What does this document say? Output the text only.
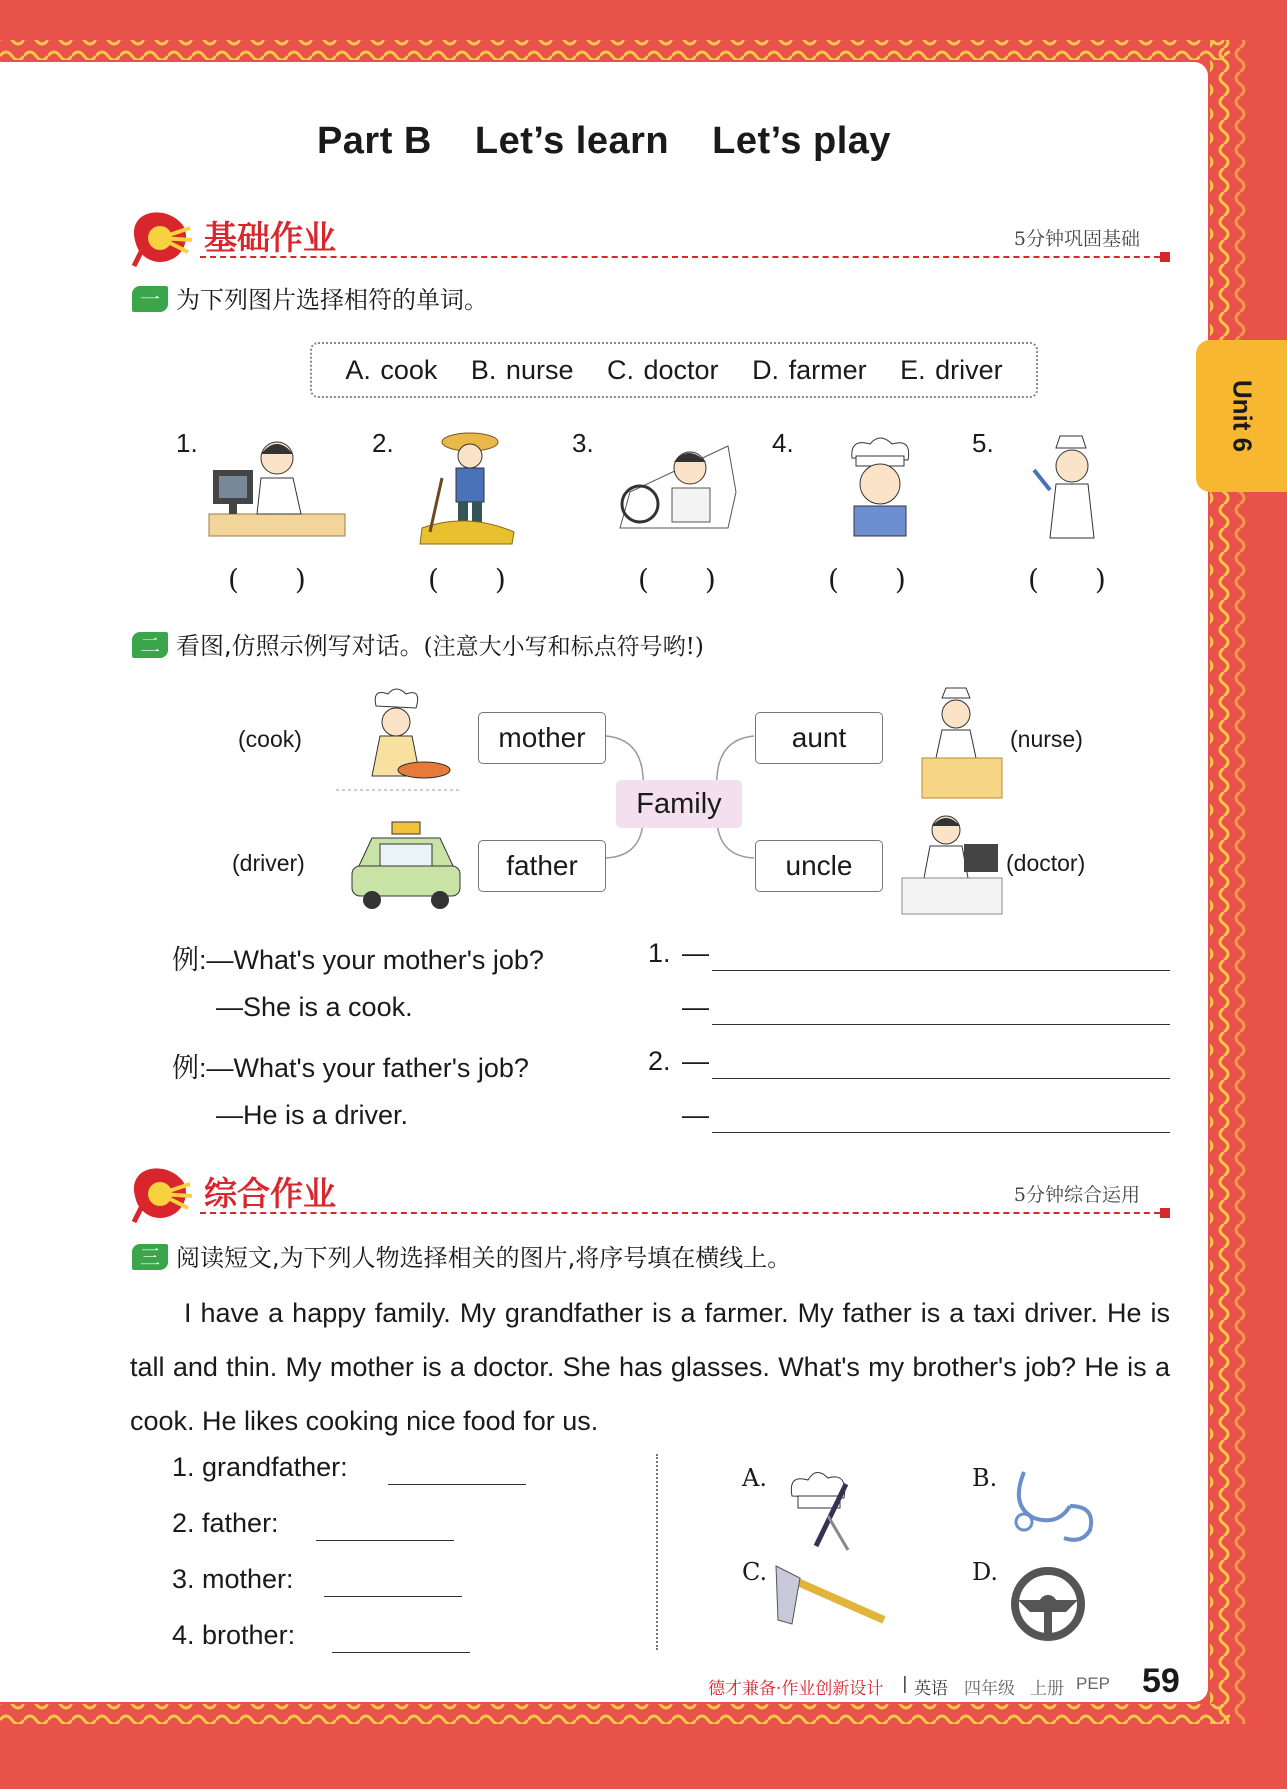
Unit 6
Part B Let’s learn Let’s play
基础作业	5分钟巩固基础
一 为下列图片选择相符的单词。
A. cook B. nurse C. doctor D. farmer E. driver
1.	2.	3.	4.	5.
(　　)	(　　)	(　　)	(　　)	(　　)
二 看图,仿照示例写对话。(注意大小写和标点符号哟!)
mother
father
aunt
uncle
Family
(cook)
(driver)
(nurse)
(doctor)
例:—What's your mother's job?
—She is a cook.
例:—What's your father's job?
—He is a driver.
1. —
—
2. —
—
综合作业	5分钟综合运用
三 阅读短文,为下列人物选择相关的图片,将序号填在横线上。
I have a happy family. My grandfather is a farmer. My father is a taxi driver. He is tall and thin. My mother is a doctor. She has glasses. What's my brother's job? He is a cook. He likes cooking nice food for us.
1. grandfather:
2. father:
3. mother:
4. brother:
A.	B.
C.	D.
德才兼备·作业创新设计 | 英语 四年级 上册 PEP 59
